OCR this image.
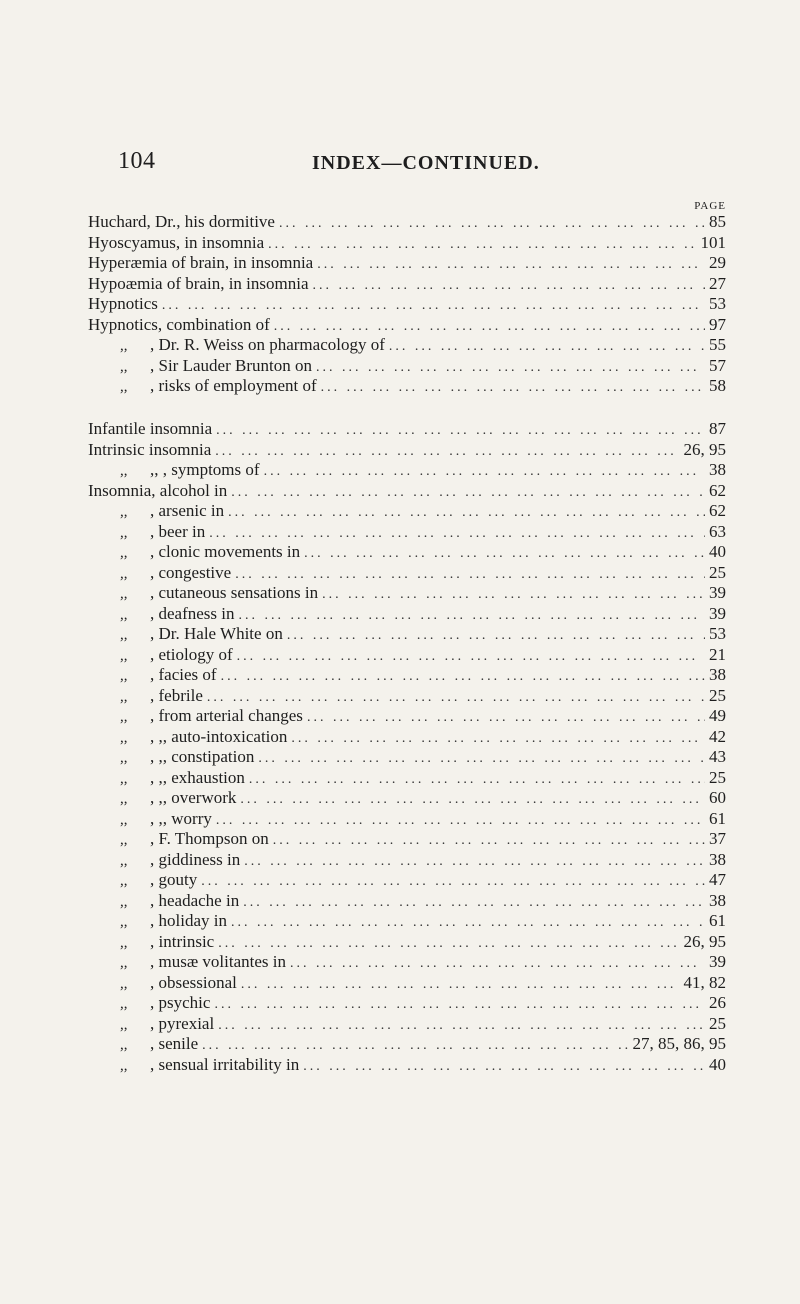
104	INDEX—CONTINUED.
PAGE
Huchard, Dr., his dormitive ... .	85
Hyoscyamus, in insomnia ... .	101
Hyperæmia of brain, in insomnia ... .	29
Hypoæmia of brain, in insomnia ... .	27
Hypnotics ... .	53
Hypnotics, combination of ... .	97
,,	, Dr. R. Weiss on pharmacology of ... .	55
,,	, Sir Lauder Brunton on ... .	57
,,	, risks of employment of ... .	58
Infantile insomnia ... .	87
Intrinsic insomnia ... .	26, 95
,,	,, , symptoms of ... .	38
Insomnia, alcohol in ... .	62
,,	, arsenic in ... .	62
,,	, beer in ... .	63
,,	, clonic movements in ... .	40
,,	, congestive ... .	25
,,	, cutaneous sensations in ... .	39
,,	, deafness in ... .	39
,,	, Dr. Hale White on ... .	53
,,	, etiology of ... .	21
,,	, facies of ... .	38
,,	, febrile ... .	25
,,	, from arterial changes ... .	49
,,	, ,, auto-intoxication ... .	42
,,	, ,, constipation ... .	43
,,	, ,, exhaustion ... .	25
,,	, ,, overwork ... .	60
,,	, ,, worry ... .	61
,,	, F. Thompson on ... .	37
,,	, giddiness in ... .	38
,,	, gouty ... .	47
,,	, headache in ... .	38
,,	, holiday in ... .	61
,,	, intrinsic ... .	26, 95
,,	, musæ volitantes in ... .	39
,,	, obsessional ... .	41, 82
,,	, psychic ... .	26
,,	, pyrexial ... .	25
,,	, senile ... .	27, 85, 86, 95
,,	, sensual irritability in ... .	40
